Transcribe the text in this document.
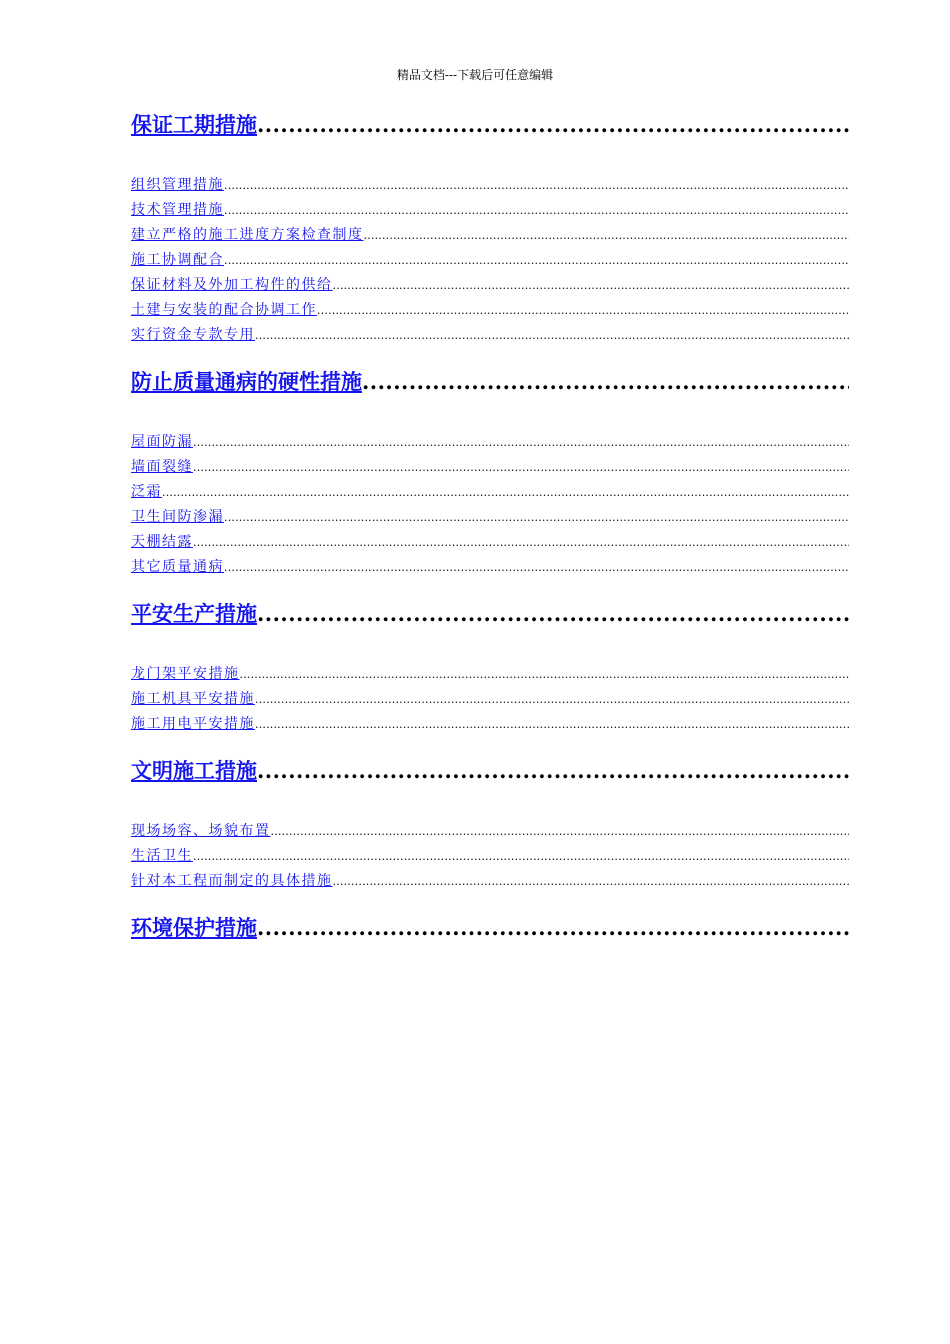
精品文档---下载后可任意编辑
保证工期措施
.....
组织管理措施
.....
技术管理措施
.....
建立严格的施工进度方案检查制度
.....
施工协调配合
.....
保证材料及外加工构件的供给
.....
土建与安装的配合协调工作
.....
实行资金专款专用
.....
防止质量通病的硬性措施
.....
屋面防漏
.....
墙面裂缝
.....
泛霜
.....
卫生间防渗漏
.....
天棚结露
.....
其它质量通病
.....
平安生产措施
.....
龙门架平安措施
.....
施工机具平安措施
.....
施工用电平安措施
.....
文明施工措施
.....
现场场容、场貌布置
.....
生活卫生
.....
针对本工程而制定的具体措施
.....
环境保护措施
.....
